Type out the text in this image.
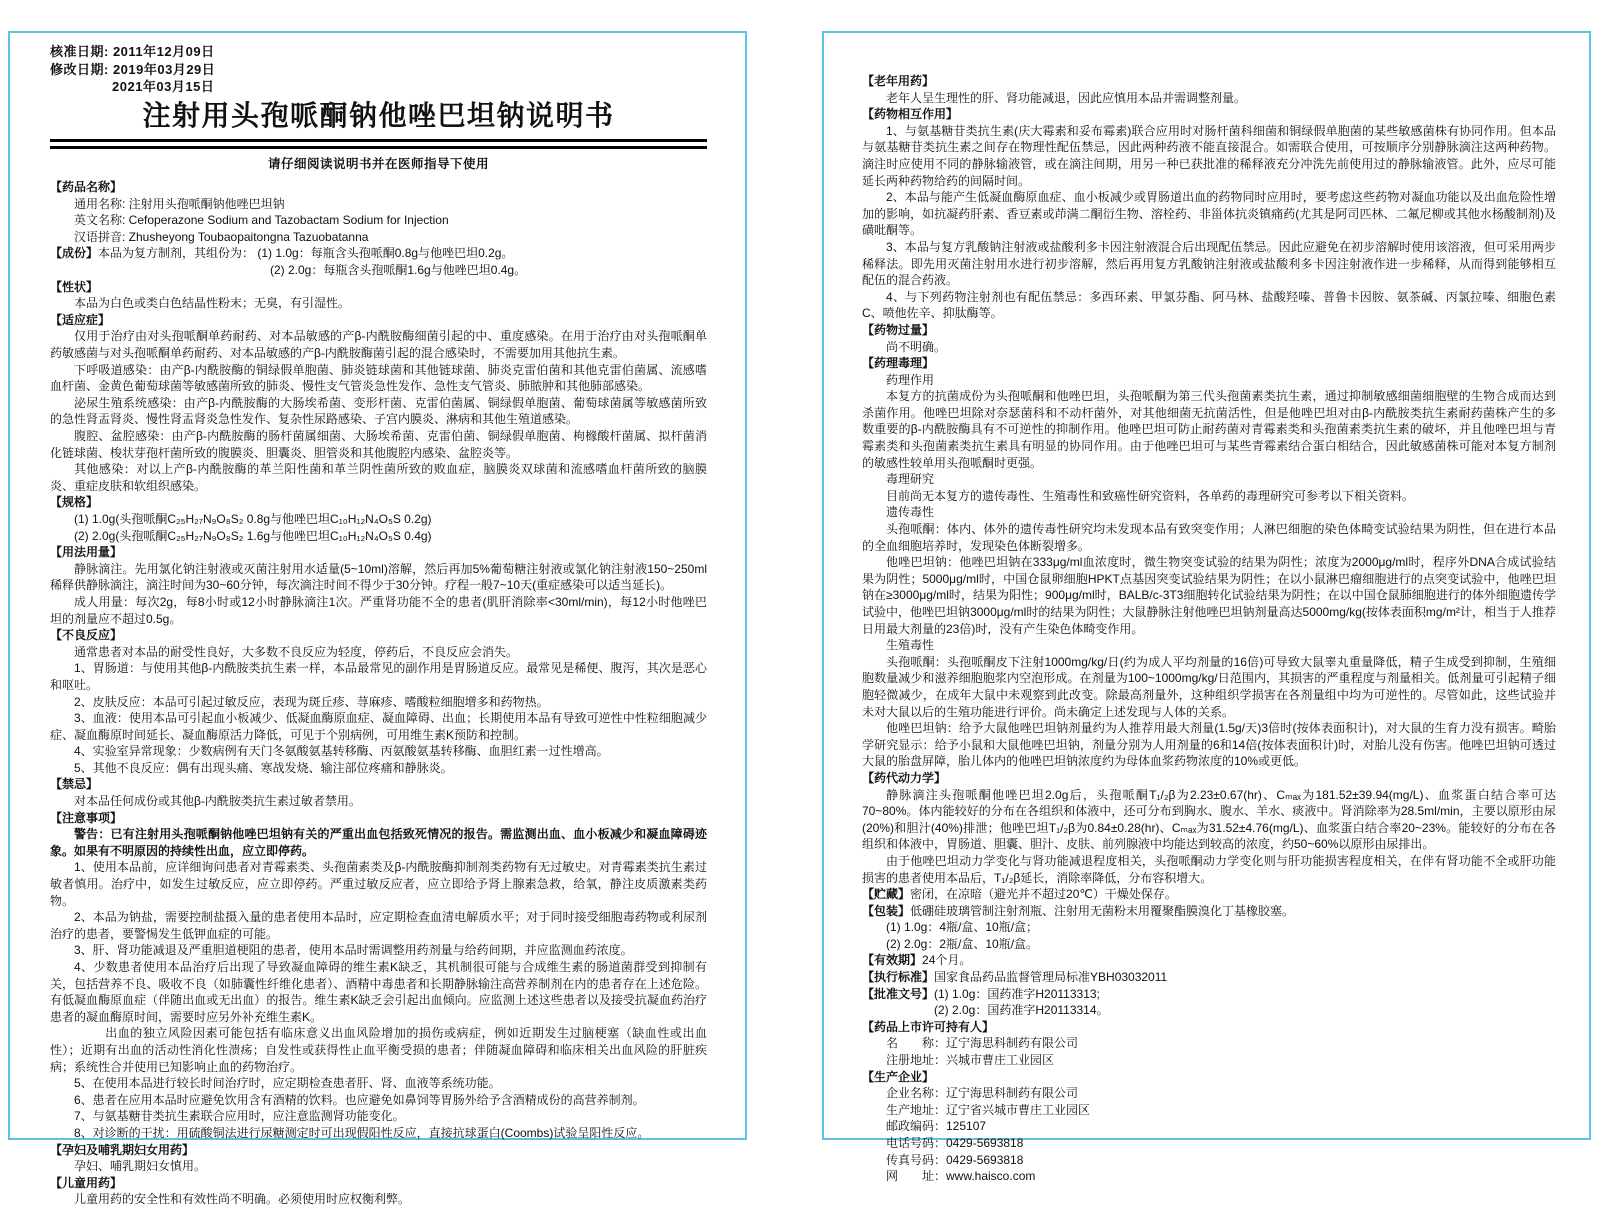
核准日期: 2011年12月09日
修改日期: 2019年03月29日
2021年03月15日
注射用头孢哌酮钠他唑巴坦钠说明书
请仔细阅读说明书并在医师指导下使用

【药品名称】

通用名称: 注射用头孢哌酮钠他唑巴坦钠

英文名称: Cefoperazone Sodium and Tazobactam Sodium for Injection

汉语拼音: Zhusheyong Toubaopaitongna Tazuobatanna

【成份】本品为复方制剂，其组份为： (1) 1.0g：每瓶含头孢哌酮0.8g与他唑巴坦0.2g。

(2) 2.0g：每瓶含头孢哌酮1.6g与他唑巴坦0.4g。

【性状】

本品为白色或类白色结晶性粉末；无臭，有引湿性。

【适应症】

仅用于治疗由对头孢哌酮单药耐药、对本品敏感的产β-内酰胺酶细菌引起的中、重度感染。在用于治疗由对头孢哌酮单药敏感菌与对头孢哌酮单药耐药、对本品敏感的产β-内酰胺酶菌引起的混合感染时，不需要加用其他抗生素。

下呼吸道感染：由产β-内酰胺酶的铜绿假单胞菌、肺炎链球菌和其他链球菌、肺炎克雷伯菌和其他克雷伯菌属、流感嗜血杆菌、金黄色葡萄球菌等敏感菌所致的肺炎、慢性支气管炎急性发作、急性支气管炎、肺脓肿和其他肺部感染。

泌尿生殖系统感染：由产β-内酰胺酶的大肠埃希菌、变形杆菌、克雷伯菌属、铜绿假单胞菌、葡萄球菌属等敏感菌所致的急性肾盂肾炎、慢性肾盂肾炎急性发作、复杂性尿路感染、子宫内膜炎、淋病和其他生殖道感染。

腹腔、盆腔感染：由产β-内酰胺酶的肠杆菌属细菌、大肠埃希菌、克雷伯菌、铜绿假单胞菌、枸橼酸杆菌属、拟杆菌消化链球菌、梭状芽孢杆菌所致的腹膜炎、胆囊炎、胆管炎和其他腹腔内感染、盆腔炎等。

其他感染：对以上产β-内酰胺酶的革兰阳性菌和革兰阴性菌所致的败血症，脑膜炎双球菌和流感嗜血杆菌所致的脑膜炎、重症皮肤和软组织感染。

【规格】

(1) 1.0g(头孢哌酮C₂₅H₂₇N₉O₈S₂ 0.8g与他唑巴坦C₁₀H₁₂N₄O₅S 0.2g)

(2) 2.0g(头孢哌酮C₂₅H₂₇N₉O₈S₂ 1.6g与他唑巴坦C₁₀H₁₂N₄O₅S 0.4g)

【用法用量】

静脉滴注。先用氯化钠注射液或灭菌注射用水适量(5~10ml)溶解，然后再加5%葡萄糖注射液或氯化钠注射液150~250ml稀释供静脉滴注，滴注时间为30~60分钟，每次滴注时间不得少于30分钟。疗程一般7~10天(重症感染可以适当延长)。

成人用量：每次2g，每8小时或12小时静脉滴注1次。严重肾功能不全的患者(肌肝消除率<30ml/min)，每12小时他唑巴坦的剂量应不超过0.5g。

【不良反应】

通常患者对本品的耐受性良好，大多数不良反应为轻度，停药后，不良反应会消失。

1、胃肠道：与使用其他β-内酰胺类抗生素一样，本品最常见的副作用是胃肠道反应。最常见是稀便、腹泻，其次是恶心和呕吐。

2、皮肤反应：本品可引起过敏反应，表现为斑丘疹、荨麻疹、嗜酸粒细胞增多和药物热。

3、血液：使用本品可引起血小板减少、低凝血酶原血症、凝血障碍、出血；长期使用本品有导致可逆性中性粒细胞减少症、凝血酶原时间延长、凝血酶原活力降低，可见于个别病例，可用维生素K预防和控制。

4、实验室异常现象：少数病例有天门冬氨酸氨基转移酶、丙氨酸氨基转移酶、血胆红素一过性增高。

5、其他不良反应：偶有出现头痛、寒战发烧、输注部位疼痛和静脉炎。

【禁忌】

对本品任何成份或其他β-内酰胺类抗生素过敏者禁用。

【注意事项】

警告：已有注射用头孢哌酮钠他唑巴坦钠有关的严重出血包括致死情况的报告。需监测出血、血小板减少和凝血障碍迹象。如果有不明原因的持续性出血，应立即停药。

1、使用本品前，应详细询问患者对青霉素类、头孢菌素类及β-内酰胺酶抑制剂类药物有无过敏史。对青霉素类抗生素过敏者慎用。治疗中，如发生过敏反应，应立即停药。严重过敏反应者，应立即给予肾上腺素急救，给氧，静注皮质激素类药物。

2、本品为钠盐，需要控制盐摄入量的患者使用本品时，应定期检查血清电解质水平；对于同时接受细胞毒药物或利尿剂治疗的患者，要警惕发生低钾血症的可能。

3、肝、肾功能减退及严重胆道梗阻的患者，使用本品时需调整用药剂量与给药间期，并应监测血药浓度。

4、少数患者使用本品治疗后出现了导致凝血障碍的维生素K缺乏，其机制很可能与合成维生素的肠道菌群受到抑制有关，包括营养不良、吸收不良（如肺囊性纤维化患者）、酒精中毒患者和长期静脉输注高营养制剂在内的患者存在上述危险。有低凝血酶原血症（伴随出血或无出血）的报告。维生素K缺乏会引起出血倾向。应监测上述这些患者以及接受抗凝血药治疗患者的凝血酶原时间，需要时应另外补充维生素K。

出血的独立风险因素可能包括有临床意义出血风险增加的损伤或病症，例如近期发生过脑梗塞（缺血性或出血性）；近期有出血的活动性消化性溃疡；自发性或获得性止血平衡受损的患者；伴随凝血障碍和临床相关出血风险的肝脏疾病；系统性合并使用已知影响止血的药物治疗。

5、在使用本品进行较长时间治疗时，应定期检查患者肝、肾、血液等系统功能。

6、患者在应用本品时应避免饮用含有酒精的饮料。也应避免如鼻饲等胃肠外给予含酒精成份的高营养制剂。

7、与氨基糖苷类抗生素联合应用时，应注意监测肾功能变化。

8、对诊断的干扰：用硫酸铜法进行尿糖测定时可出现假阳性反应，直接抗球蛋白(Coombs)试验呈阳性反应。

【孕妇及哺乳期妇女用药】

孕妇、哺乳期妇女慎用。

【儿童用药】

儿童用药的安全性和有效性尚不明确。必须使用时应权衡利弊。

【老年用药】

老年人呈生理性的肝、肾功能减退，因此应慎用本品并需调整剂量。

【药物相互作用】

1、与氨基糖苷类抗生素(庆大霉素和妥布霉素)联合应用时对肠杆菌科细菌和铜绿假单胞菌的某些敏感菌株有协同作用。但本品与氨基糖苷类抗生素之间存在物理性配伍禁忌，因此两种药液不能直接混合。如需联合使用，可按顺序分别静脉滴注这两种药物。滴注时应使用不同的静脉输液管，或在滴注间期，用另一种已获批准的稀释液充分冲洗先前使用过的静脉输液管。此外，应尽可能延长两种药物给药的间隔时间。

2、本品与能产生低凝血酶原血症、血小板减少或胃肠道出血的药物同时应用时，要考虑这些药物对凝血功能以及出血危险性增加的影响，如抗凝药肝素、香豆素或茚满二酮衍生物、溶栓药、非甾体抗炎镇痛药(尤其是阿司匹林、二氟尼柳或其他水杨酸制剂)及磺吡酮等。

3、本品与复方乳酸钠注射液或盐酸利多卡因注射液混合后出现配伍禁忌。因此应避免在初步溶解时使用该溶液，但可采用两步稀释法。即先用灭菌注射用水进行初步溶解，然后再用复方乳酸钠注射液或盐酸利多卡因注射液作进一步稀释，从而得到能够相互配伍的混合药液。

4、与下列药物注射剂也有配伍禁忌：多西环素、甲氯芬酯、阿马林、盐酸羟嗪、普鲁卡因胺、氨茶碱、丙氯拉嗪、细胞色素C、喷他佐辛、抑肽酶等。

【药物过量】

尚不明确。

【药理毒理】

药理作用

本复方的抗菌成份为头孢哌酮和他唑巴坦，头孢哌酮为第三代头孢菌素类抗生素，通过抑制敏感细菌细胞壁的生物合成而达到杀菌作用。他唑巴坦除对奈瑟菌科和不动杆菌外，对其他细菌无抗菌活性，但是他唑巴坦对由β-内酰胺类抗生素耐药菌株产生的多数重要的β-内酰胺酶具有不可逆性的抑制作用。他唑巴坦可防止耐药菌对青霉素类和头孢菌素类抗生素的破坏，并且他唑巴坦与青霉素类和头孢菌素类抗生素具有明显的协同作用。由于他唑巴坦可与某些青霉素结合蛋白相结合，因此敏感菌株可能对本复方制剂的敏感性较单用头孢哌酮时更强。

毒理研究

目前尚无本复方的遗传毒性、生殖毒性和致癌性研究资料，各单药的毒理研究可参考以下相关资料。

遗传毒性

头孢哌酮：体内、体外的遗传毒性研究均未发现本品有致突变作用；人淋巴细胞的染色体畸变试验结果为阴性，但在进行本品的全血细胞培养时，发现染色体断裂增多。

他唑巴坦钠：他唑巴坦钠在333μg/ml血浓度时，微生物突变试验的结果为阴性；浓度为2000μg/ml时，程序外DNA合成试验结果为阴性；5000μg/ml时，中国仓鼠卵细胞HPKT点基因突变试验结果为阴性；在以小鼠淋巴瘤细胞进行的点突变试验中，他唑巴坦钠在≥3000μg/ml时，结果为阳性；900μg/ml时，BALB/c-3T3细胞转化试验结果为阴性；在以中国仓鼠肺细胞进行的体外细胞遗传学试验中，他唑巴坦钠3000μg/ml时的结果为阴性；大鼠静脉注射他唑巴坦钠剂量高达5000mg/kg(按体表面积mg/m²计，相当于人推荐日用最大剂量的23倍)时，没有产生染色体畸变作用。

生殖毒性

头孢哌酮：头孢哌酮皮下注射1000mg/kg/日(约为成人平均剂量的16倍)可导致大鼠睾丸重量降低，精子生成受到抑制，生殖细胞数量减少和滋养细胞胞浆内空泡形成。在剂量为100~1000mg/kg/日范围内，其损害的严重程度与剂量相关。低剂量可引起精子细胞轻微减少，在成年大鼠中未观察到此改变。除最高剂量外，这种组织学损害在各剂量组中均为可逆性的。尽管如此，这些试验并未对大鼠以后的生殖功能进行评价。尚未确定上述发现与人体的关系。

他唑巴坦钠：给予大鼠他唑巴坦钠剂量约为人推荐用最大剂量(1.5g/天)3倍时(按体表面积计)，对大鼠的生育力没有损害。畸胎学研究显示：给予小鼠和大鼠他唑巴坦钠，剂量分别为人用剂量的6和14倍(按体表面积计)时，对胎儿没有伤害。他唑巴坦钠可透过大鼠的胎盘屏障，胎儿体内的他唑巴坦钠浓度约为母体血浆药物浓度的10%或更低。

【药代动力学】

静脉滴注头孢哌酮他唑巴坦2.0g后，头孢哌酮T₁/₂β为2.23±0.67(hr)、Cₘₐₓ为181.52±39.94(mg/L)、血浆蛋白结合率可达70~80%。体内能较好的分布在各组织和体液中，还可分布到胸水、腹水、羊水、痰液中。肾消除率为28.5ml/min，主要以原形由尿(20%)和胆汁(40%)排泄；他唑巴坦T₁/₂β为0.84±0.28(hr)、Cₘₐₓ为31.52±4.76(mg/L)、血浆蛋白结合率20~23%。能较好的分布在各组织和体液中，胃肠道、胆囊、胆汁、皮肤、前列腺液中均能达到较高的浓度，约50~60%以原形由尿排出。

由于他唑巴坦动力学变化与肾功能减退程度相关，头孢哌酮动力学变化则与肝功能损害程度相关，在伴有肾功能不全或肝功能损害的患者使用本品后，T₁/₂β延长，消除率降低，分布容积增大。

【贮藏】密闭，在凉暗（避光并不超过20℃）干燥处保存。

【包装】低硼硅玻璃管制注射剂瓶、注射用无菌粉末用覆聚酯膜溴化丁基橡胶塞。

(1) 1.0g：4瓶/盒、10瓶/盒；

(2) 2.0g：2瓶/盒、10瓶/盒。

【有效期】24个月。

【执行标准】国家食品药品监督管理局标准YBH03032011

【批准文号】(1) 1.0g：国药准字H20113313;

(2) 2.0g：国药准字H20113314。

【药品上市许可持有人】

名　　称：辽宁海思科制药有限公司

注册地址：兴城市曹庄工业园区

【生产企业】

企业名称：辽宁海思科制药有限公司

生产地址：辽宁省兴城市曹庄工业园区

邮政编码：125107

电话号码：0429-5693818

传真号码：0429-5693818

网　　址：www.haisco.com
